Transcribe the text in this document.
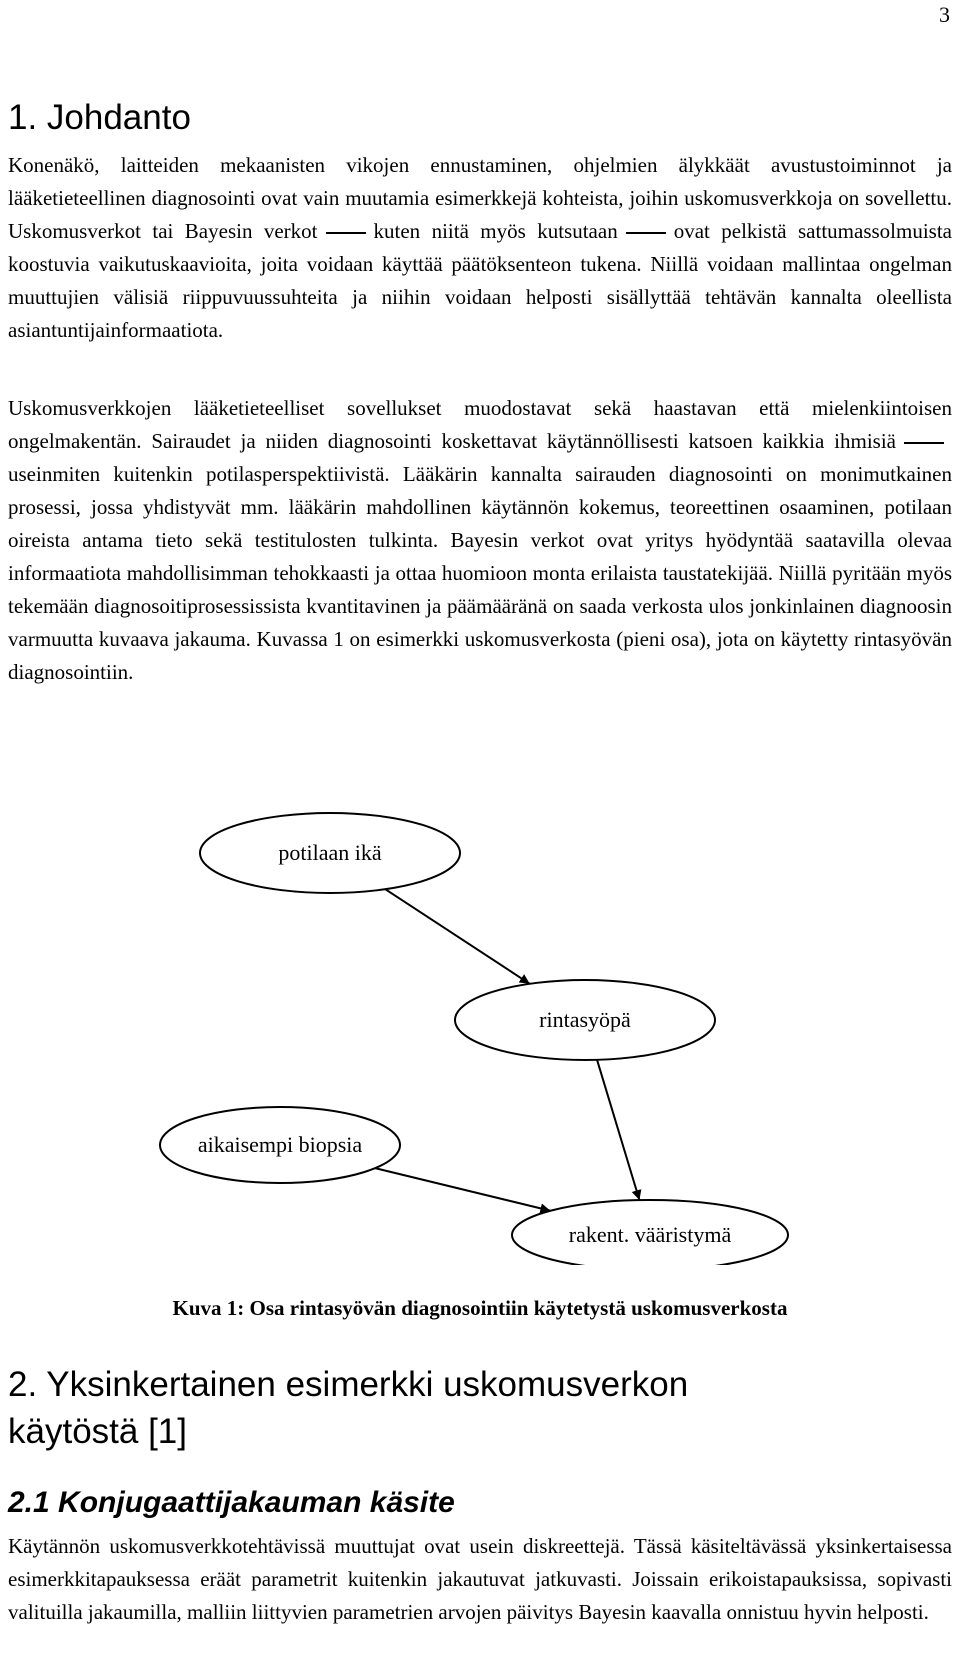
3
1. Johdanto

Konenäkö, laitteiden mekaanisten vikojen ennustaminen, ohjelmien älykkäät avustustoiminnot ja lääketieteellinen diagnosointi ovat vain muutamia esimerkkejä kohteista, joihin uskomusverkkoja on sovellettu. Uskomusverkot tai Bayesin verkot	kuten niitä myös kutsutaan	ovat pelkistä sattumassolmuista koostuvia vaikutuskaavioita, joita voidaan käyttää päätöksenteon tukena. Niillä voidaan mallintaa ongelman muuttujien välisiä riippuvuussuhteita ja niihin voidaan helposti sisällyttää tehtävän kannalta oleellista asiantuntijainformaatiota.

Uskomusverkkojen lääketieteelliset sovellukset muodostavat sekä haastavan että mielenkiintoisen ongelmakentän. Sairaudet ja niiden diagnosointi koskettavat käytännöllisesti katsoen kaikkia ihmisiäuseinmiten kuitenkin potilasperspektiivistä. Lääkärin kannalta sairauden diagnosointi on monimutkainen prosessi, jossa yhdistyvät mm. lääkärin mahdollinen käytännön kokemus, teoreettinen osaaminen, potilaan oireista antama tieto sekä testitulosten tulkinta. Bayesin verkot ovat yritys hyödyntää saatavilla olevaa informaatiota mahdollisimman tehokkaasti ja ottaa huomioon monta erilaista taustatekijää. Niillä pyritään myös tekemään diagnosoitiprosessissista kvantitavinen ja päämääränä on saada verkosta ulos jonkinlainen diagnoosin varmuutta kuvaava jakauma. Kuvassa 1 on esimerkki uskomusverkosta (pieni osa), jota on käytetty rintasyövän diagnosointiin.

potilaan ikä
rintasyöpä
aikaisempi biopsia
rakent. vääristymä

Kuva 1: Osa rintasyövän diagnosointiin käytetystä uskomusverkosta

2. Yksinkertainen esimerkki uskomusverkon
käytöstä [1]
2.1 Konjugaattijakauman käsite

Käytännön uskomusverkkotehtävissä muuttujat ovat usein diskreettejä. Tässä käsiteltävässä yksinkertaisessa esimerkkitapauksessa eräät parametrit kuitenkin jakautuvat jatkuvasti. Joissain erikoistapauksissa, sopivasti valituilla jakaumilla, malliin liittyvien parametrien arvojen päivitys Bayesin kaavalla onnistuu hyvin helposti.
